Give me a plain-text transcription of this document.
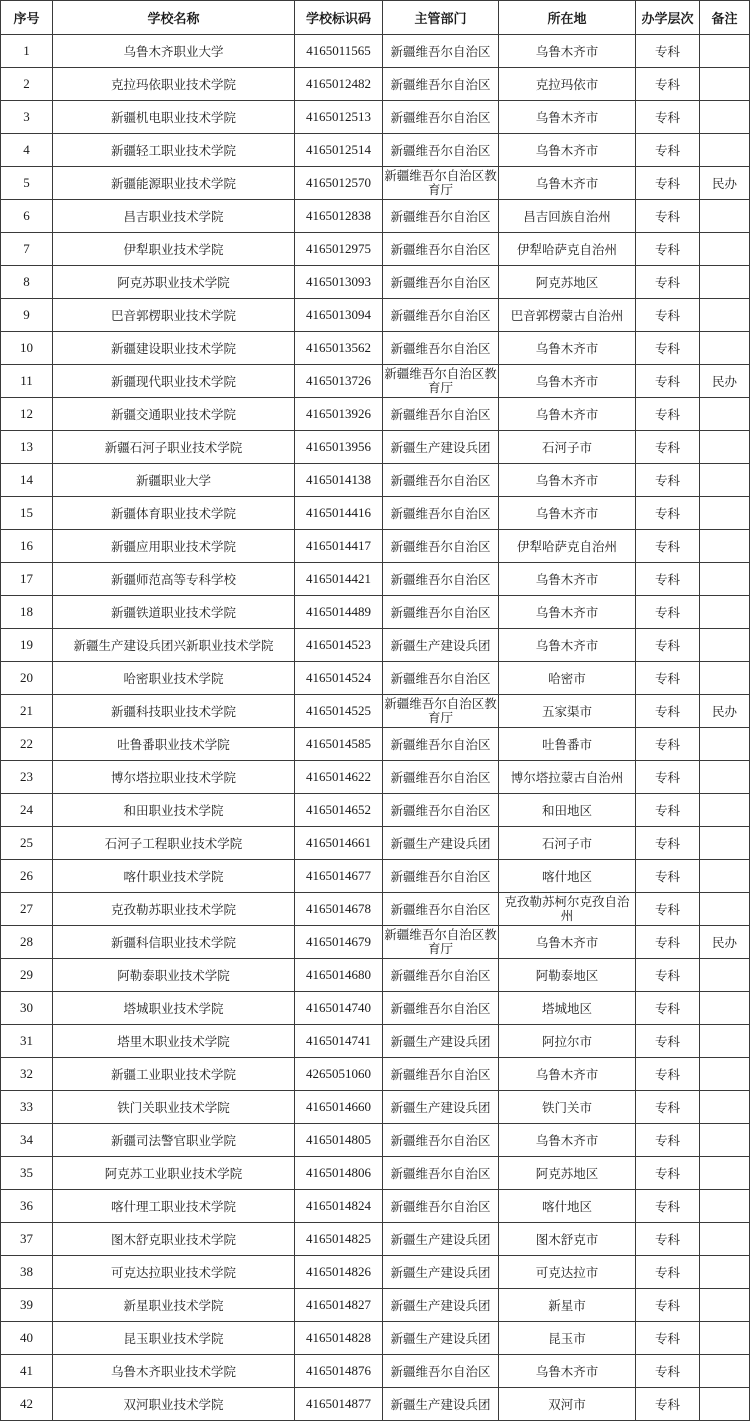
序号	学校名称	学校标识码	主管部门	所在地	办学层次	备注
1	乌鲁木齐职业大学	4165011565	新疆维吾尔自治区	乌鲁木齐市	专科	
2	克拉玛依职业技术学院	4165012482	新疆维吾尔自治区	克拉玛依市	专科	
3	新疆机电职业技术学院	4165012513	新疆维吾尔自治区	乌鲁木齐市	专科	
4	新疆轻工职业技术学院	4165012514	新疆维吾尔自治区	乌鲁木齐市	专科	
5	新疆能源职业技术学院	4165012570	新疆维吾尔自治区教育厅	乌鲁木齐市	专科	民办
6	昌吉职业技术学院	4165012838	新疆维吾尔自治区	昌吉回族自治州	专科	
7	伊犁职业技术学院	4165012975	新疆维吾尔自治区	伊犁哈萨克自治州	专科	
8	阿克苏职业技术学院	4165013093	新疆维吾尔自治区	阿克苏地区	专科	
9	巴音郭楞职业技术学院	4165013094	新疆维吾尔自治区	巴音郭楞蒙古自治州	专科	
10	新疆建设职业技术学院	4165013562	新疆维吾尔自治区	乌鲁木齐市	专科	
11	新疆现代职业技术学院	4165013726	新疆维吾尔自治区教育厅	乌鲁木齐市	专科	民办
12	新疆交通职业技术学院	4165013926	新疆维吾尔自治区	乌鲁木齐市	专科	
13	新疆石河子职业技术学院	4165013956	新疆生产建设兵团	石河子市	专科	
14	新疆职业大学	4165014138	新疆维吾尔自治区	乌鲁木齐市	专科	
15	新疆体育职业技术学院	4165014416	新疆维吾尔自治区	乌鲁木齐市	专科	
16	新疆应用职业技术学院	4165014417	新疆维吾尔自治区	伊犁哈萨克自治州	专科	
17	新疆师范高等专科学校	4165014421	新疆维吾尔自治区	乌鲁木齐市	专科	
18	新疆铁道职业技术学院	4165014489	新疆维吾尔自治区	乌鲁木齐市	专科	
19	新疆生产建设兵团兴新职业技术学院	4165014523	新疆生产建设兵团	乌鲁木齐市	专科	
20	哈密职业技术学院	4165014524	新疆维吾尔自治区	哈密市	专科	
21	新疆科技职业技术学院	4165014525	新疆维吾尔自治区教育厅	五家渠市	专科	民办
22	吐鲁番职业技术学院	4165014585	新疆维吾尔自治区	吐鲁番市	专科	
23	博尔塔拉职业技术学院	4165014622	新疆维吾尔自治区	博尔塔拉蒙古自治州	专科	
24	和田职业技术学院	4165014652	新疆维吾尔自治区	和田地区	专科	
25	石河子工程职业技术学院	4165014661	新疆生产建设兵团	石河子市	专科	
26	喀什职业技术学院	4165014677	新疆维吾尔自治区	喀什地区	专科	
27	克孜勒苏职业技术学院	4165014678	新疆维吾尔自治区	克孜勒苏柯尔克孜自治州	专科	
28	新疆科信职业技术学院	4165014679	新疆维吾尔自治区教育厅	乌鲁木齐市	专科	民办
29	阿勒泰职业技术学院	4165014680	新疆维吾尔自治区	阿勒泰地区	专科	
30	塔城职业技术学院	4165014740	新疆维吾尔自治区	塔城地区	专科	
31	塔里木职业技术学院	4165014741	新疆生产建设兵团	阿拉尔市	专科	
32	新疆工业职业技术学院	4265051060	新疆维吾尔自治区	乌鲁木齐市	专科	
33	铁门关职业技术学院	4165014660	新疆生产建设兵团	铁门关市	专科	
34	新疆司法警官职业学院	4165014805	新疆维吾尔自治区	乌鲁木齐市	专科	
35	阿克苏工业职业技术学院	4165014806	新疆维吾尔自治区	阿克苏地区	专科	
36	喀什理工职业技术学院	4165014824	新疆维吾尔自治区	喀什地区	专科	
37	图木舒克职业技术学院	4165014825	新疆生产建设兵团	图木舒克市	专科	
38	可克达拉职业技术学院	4165014826	新疆生产建设兵团	可克达拉市	专科	
39	新星职业技术学院	4165014827	新疆生产建设兵团	新星市	专科	
40	昆玉职业技术学院	4165014828	新疆生产建设兵团	昆玉市	专科	
41	乌鲁木齐职业技术学院	4165014876	新疆维吾尔自治区	乌鲁木齐市	专科	
42	双河职业技术学院	4165014877	新疆生产建设兵团	双河市	专科	
